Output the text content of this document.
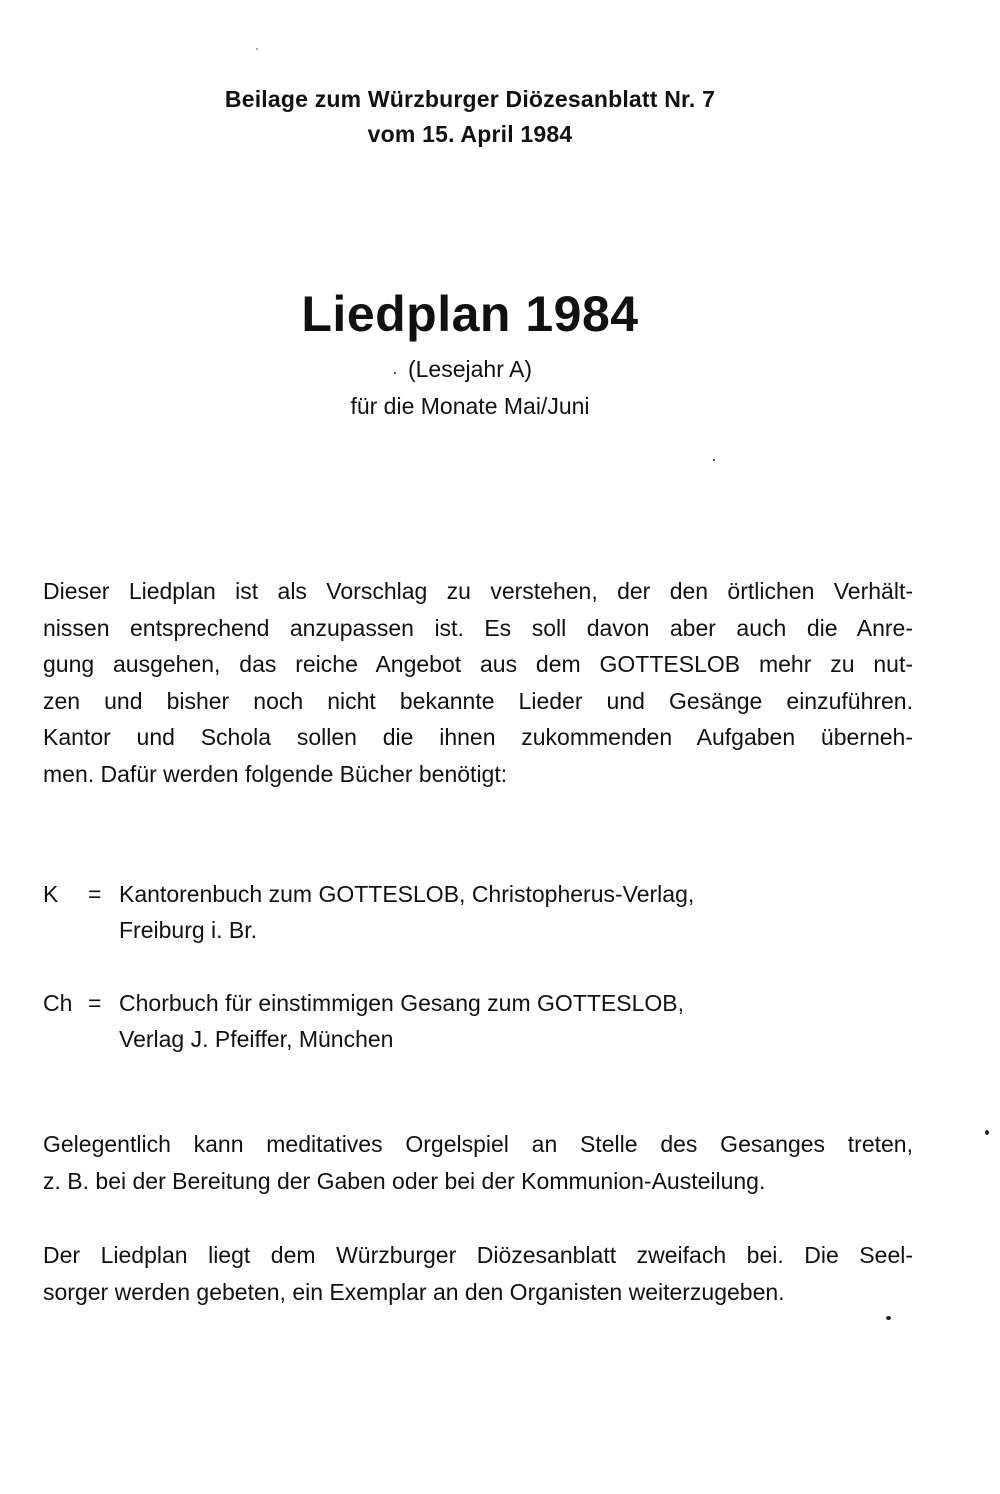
Beilage zum Würzburger Diözesanblatt Nr. 7
vom 15. April 1984
Liedplan 1984
(Lesejahr A)
für die Monate Mai/Juni
Dieser Liedplan ist als Vorschlag zu verstehen, der den örtlichen Verhält-
nissen entsprechend anzupassen ist. Es soll davon aber auch die Anre-
gung ausgehen, das reiche Angebot aus dem GOTTESLOB mehr zu nut-
zen und bisher noch nicht bekannte Lieder und Gesänge einzuführen.
Kantor und Schola sollen die ihnen zukommenden Aufgaben überneh-
men. Dafür werden folgende Bücher benötigt:
K	= Kantorenbuch zum GOTTESLOB, Christopherus-Verlag,
Freiburg i. Br.
Ch = Chorbuch für einstimmigen Gesang zum GOTTESLOB,
Verlag J. Pfeiffer, München
Gelegentlich kann meditatives Orgelspiel an Stelle des Gesanges treten,
z. B. bei der Bereitung der Gaben oder bei der Kommunion-Austeilung.
Der Liedplan liegt dem Würzburger Diözesanblatt zweifach bei. Die Seel-
sorger werden gebeten, ein Exemplar an den Organisten weiterzugeben.
